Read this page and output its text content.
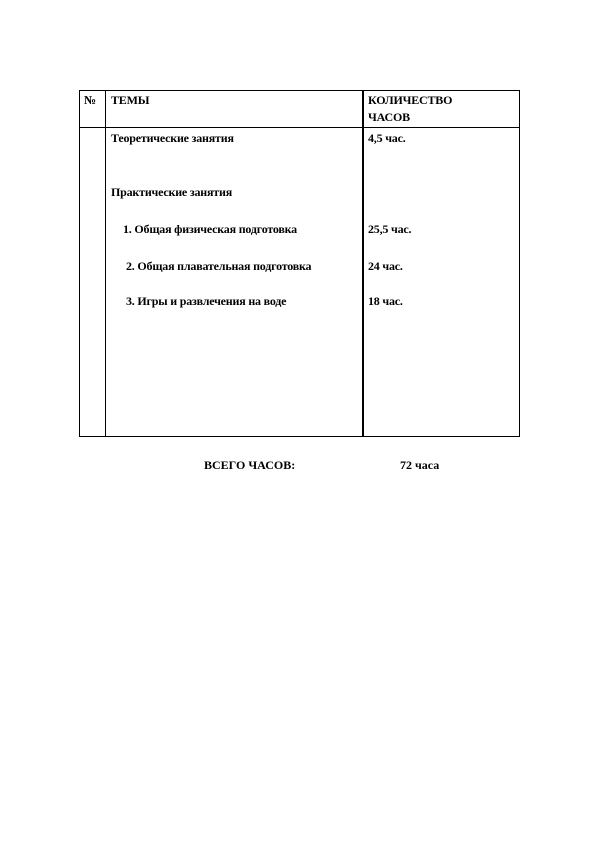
№ ТЕМЫ	КОЛИЧЕСТВО
ЧАСОВ
Теоретические занятия	4,5 час.
Практические занятия
1. Общая физическая подготовка	25,5 час.
2. Общая плавательная подготовка	24 час.
3. Игры и развлечения на воде	18 час.
ВСЕГО ЧАСОВ:	72 часа
